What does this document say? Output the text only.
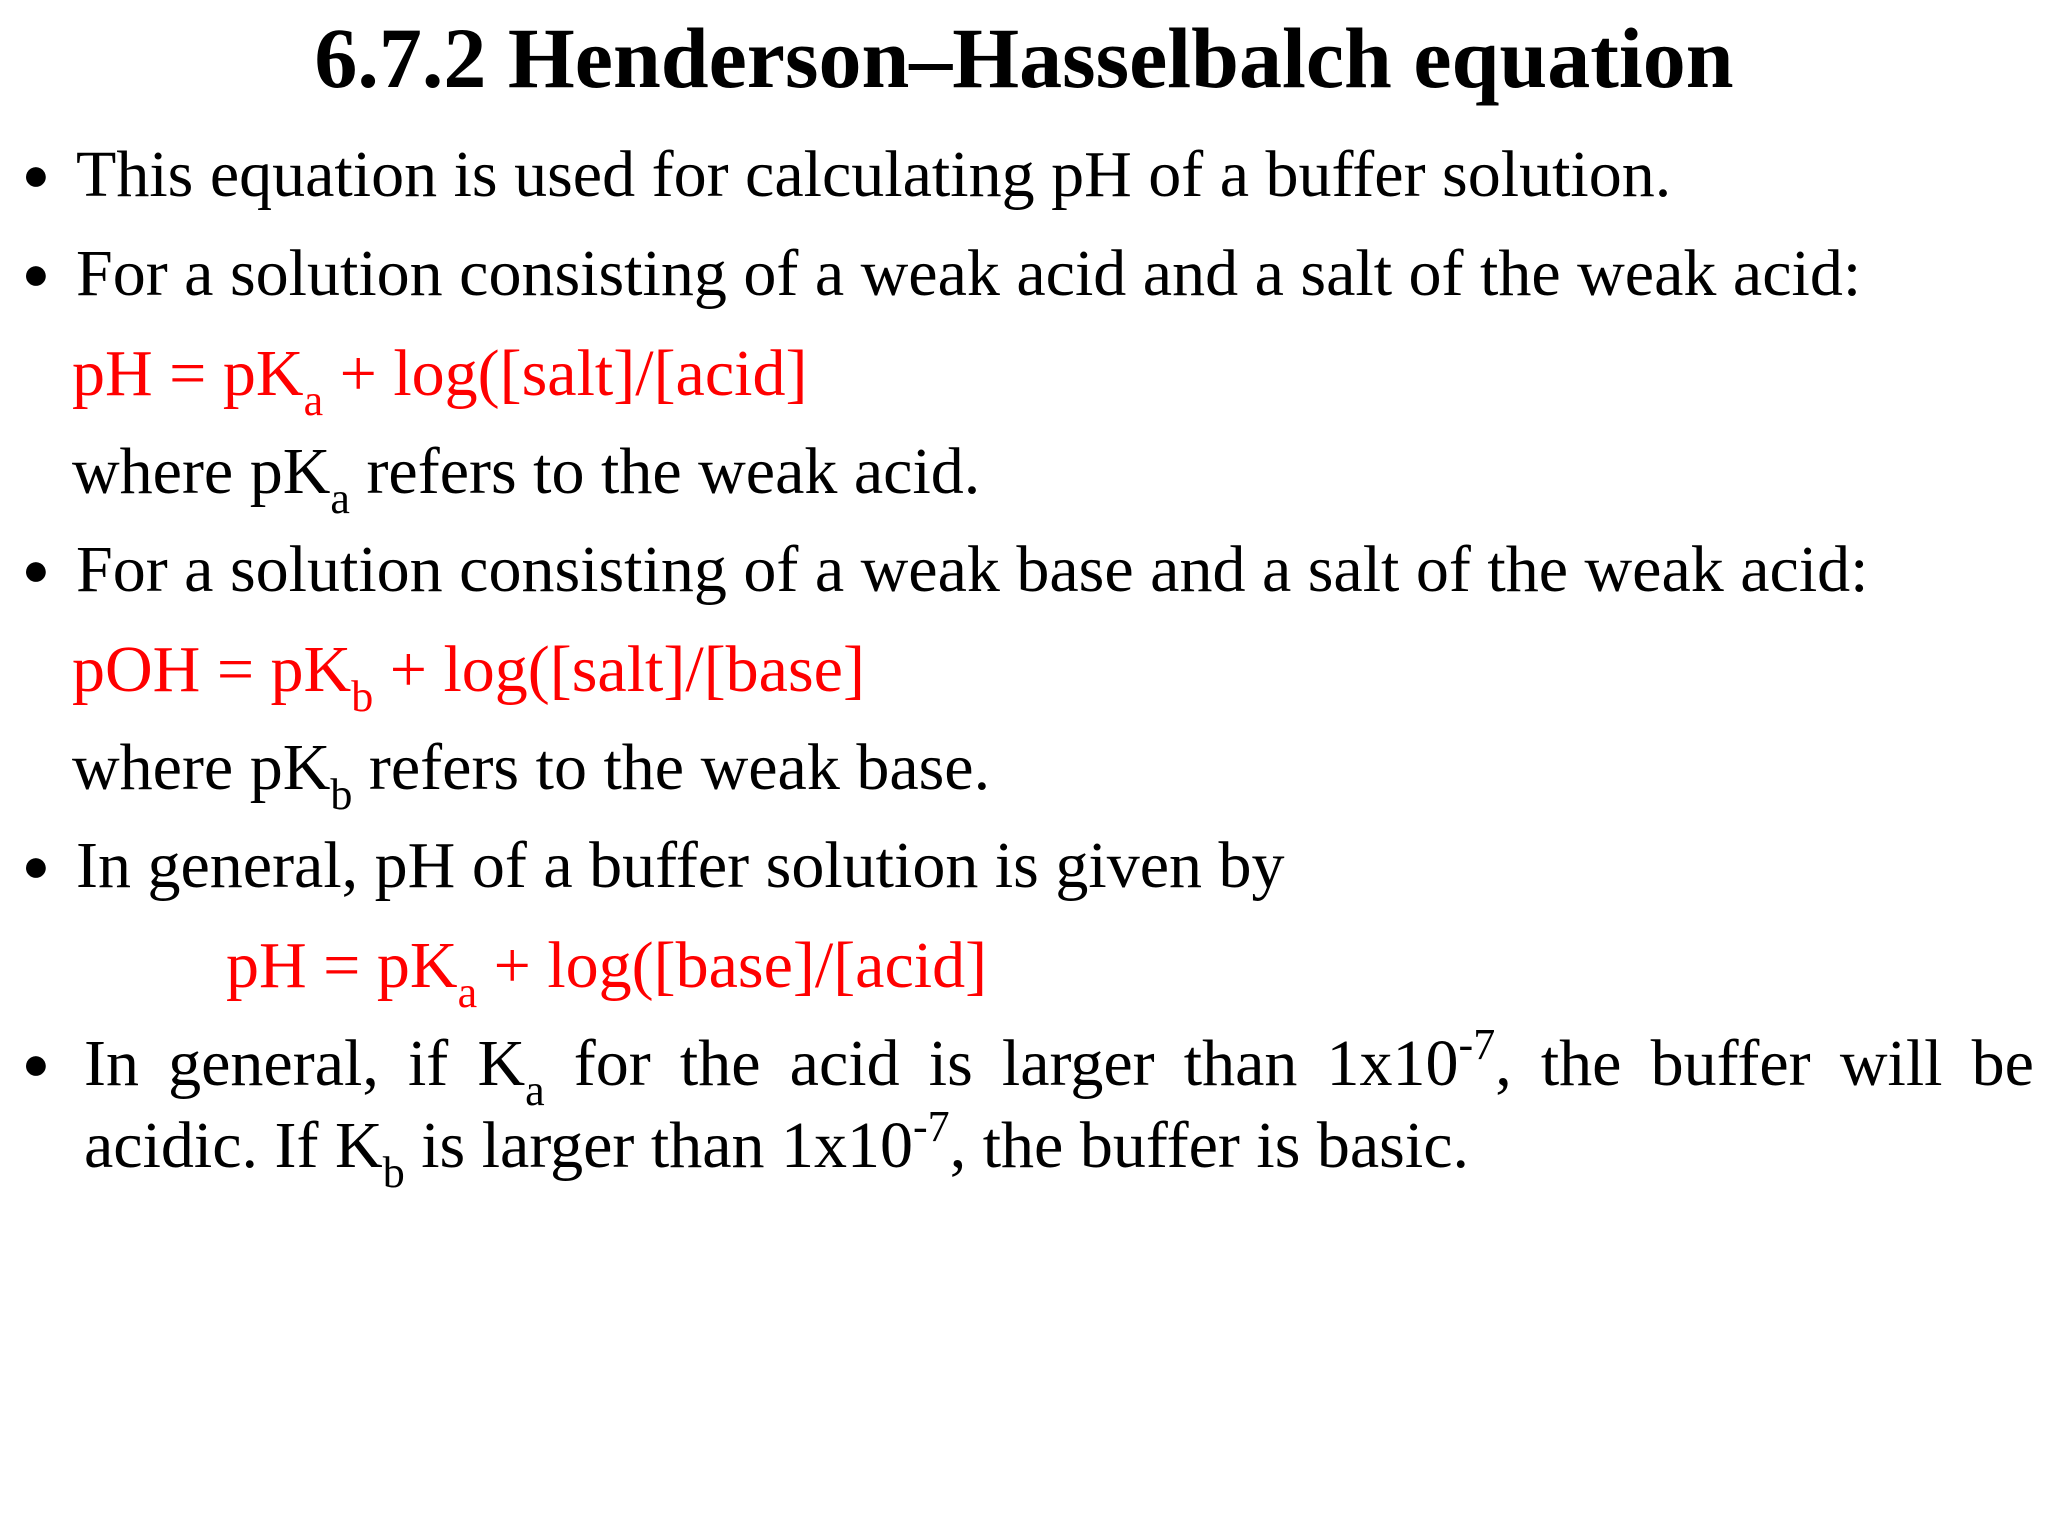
6.7.2 Henderson–Hasselbalch equation
● This equation is used for calculating pH of a buffer solution.
● For a solution consisting of a weak acid and a salt of the weak acid:
pH = $pK_a$ + log([salt]/[acid]
where $pK_a$ refers to the weak acid.
● For a solution consisting of a weak base and a salt of the weak acid:
pOH = $pK_b$ + log([salt]/[base]
where $pK_b$ refers to the weak base.
● In general, pH of a buffer solution is given by
pH = $pK_a$ + log([base]/[acid]
● In general, if $K_a$ for the acid is larger than $1x10^{-7}$, the buffer will be
acidic. If $K_b$ is larger than $1x10^{-7}$, the buffer is basic.
